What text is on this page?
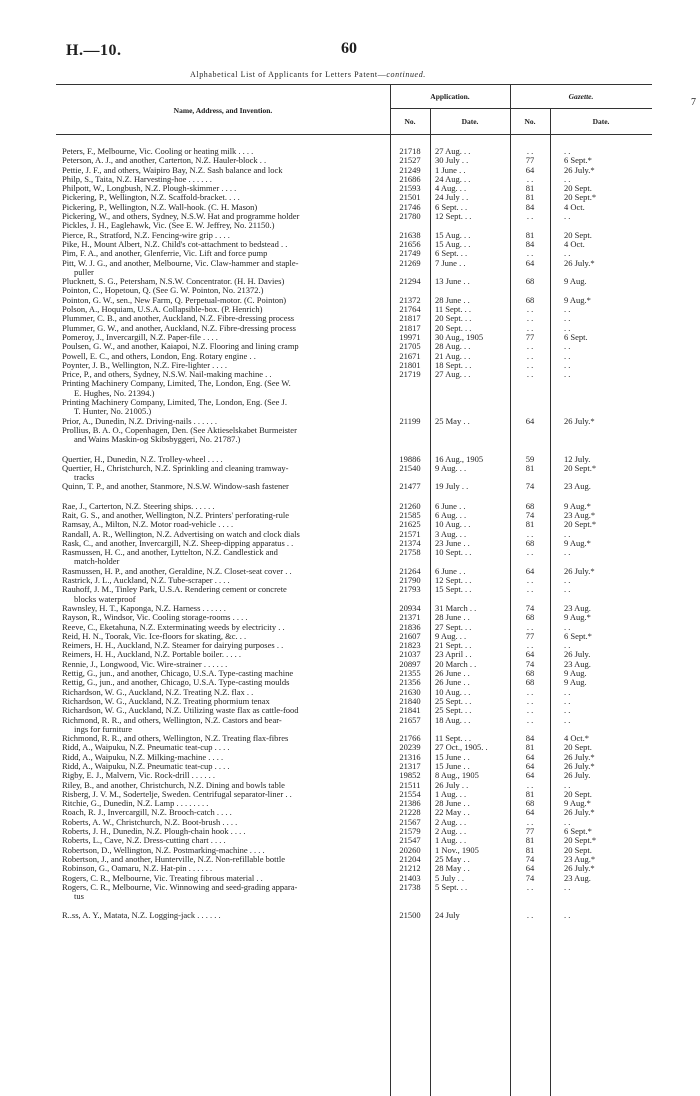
H.—10.	60
Alphabetical List of Applicants for Letters Patent—continued.
7
Name, Address, and Invention.
Application.	Gazette.
No.	Date.	No.	Date.
Peters, F., Melbourne, Vic. Cooling or heating milk . . . .	21718	27 Aug. . .	. .	. .
Peterson, A. J., and another, Carterton, N.Z. Hauler-block . .	21527	30 July . .	77	6 Sept.*
Pettie, J. F., and others, Waipiro Bay, N.Z. Sash balance and lock	21249	1 June . .	64	26 July.*
Philp, S., Taita, N.Z. Harvesting-hoe . . . . . .	21686	24 Aug. . .	. .	. .
Philpott, W., Longbush, N.Z. Plough-skimmer . . . .	21593	4 Aug. . .	81	20 Sept.
Pickering, P., Wellington, N.Z. Scaffold-bracket. . . .	21501	24 July . .	81	20 Sept.*
Pickering, P., Wellington, N.Z. Wall-hook. (C. H. Mason)	21746	6 Sept. . .	84	4 Oct.
Pickering, W., and others, Sydney, N.S.W. Hat and programme holder	21780	12 Sept. . .	. .	. .
Pickles, J. H., Eaglehawk, Vic. (See E. W. Jeffrey, No. 21150.)
Pierce, R., Stratford, N.Z. Fencing-wire grip . . . .	21638	15 Aug. . .	81	20 Sept.
Pike, H., Mount Albert, N.Z. Child's cot-attachment to bedstead . .	21656	15 Aug. . .	84	4 Oct.
Pim, F. A., and another, Glenferrie, Vic. Lift and force pump	21749	6 Sept. . .	. .	. .
Pitt, W. J. G., and another, Melbourne, Vic. Claw-hammer and staple-	21269	7 June . .	64	26 July.*
puller
Plucknett, S. G., Petersham, N.S.W. Concentrator. (H. H. Davies)	21294	13 June . .	68	9 Aug.
Pointon, C., Hopetoun, Q. (See G. W. Pointon, No. 21372.)
Pointon, G. W., sen., New Farm, Q. Perpetual-motor. (C. Pointon)	21372	28 June . .	68	9 Aug.*
Polson, A., Hoquiam, U.S.A. Collapsible-box. (P. Henrich)	21764	11 Sept. . .	. .	. .
Plummer, C. B., and another, Auckland, N.Z. Fibre-dressing process	21817	20 Sept. . .	. .	. .
Plummer, G. W., and another, Auckland, N.Z. Fibre-dressing process	21817	20 Sept. . .	. .	. .
Pomeroy, J., Invercargill, N.Z. Paper-file . . . .	19971	30 Aug., 1905	77	6 Sept.
Poulsen, G. W., and another, Kaiapoi, N.Z. Flooring and lining cramp	21705	28 Aug. . .	. .	. .
Powell, E. C., and others, London, Eng. Rotary engine . .	21671	21 Aug. . .	. .	. .
Poynter, J. B., Wellington, N.Z. Fire-lighter . . . .	21801	18 Sept. . .	. .	. .
Price, P., and others, Sydney, N.S.W. Nail-making machine . .	21719	27 Aug. . .	. .	. .
Printing Machinery Company, Limited, The, London, Eng. (See W.
E. Hughes, No. 21394.)
Printing Machinery Company, Limited, The, London, Eng. (See J.
T. Hunter, No. 21005.)
Prior, A., Dunedin, N.Z. Driving-nails . . . . . .	21199	25 May . .	64	26 July.*
Prollius, B. A. O., Copenhagen, Den. (See Aktieselskabet Burmeister
and Wains Maskin-og Skibsbyggeri, No. 21787.)
Quertier, H., Dunedin, N.Z. Trolley-wheel . . . .	19886	16 Aug., 1905	59	12 July.
Quertier, H., Christchurch, N.Z. Sprinkling and cleaning tramway-	21540	9 Aug. . .	81	20 Sept.*
tracks
Quinn, T. P., and another, Stanmore, N.S.W. Window-sash fastener	21477	19 July . .	74	23 Aug.
Rae, J., Carterton, N.Z. Steering ships. . . . . .	21260	6 June . .	68	9 Aug.*
Rait, G. S., and another, Wellington, N.Z. Printers' perforating-rule	21585	6 Aug. . .	74	23 Aug.*
Ramsay, A., Milton, N.Z. Motor road-vehicle . . . .	21625	10 Aug. . .	81	20 Sept.*
Randall, A. R., Wellington, N.Z. Advertising on watch and clock dials	21571	3 Aug. . .	. .	. .
Rask, C., and another, Invercargill, N.Z. Sheep-dipping apparatus . .	21374	23 June . .	68	9 Aug.*
Rasmussen, H. C., and another, Lyttelton, N.Z. Candlestick and	21758	10 Sept. . .	. .	. .
match-holder
Rasmussen, H. P., and another, Geraldine, N.Z. Closet-seat cover . .	21264	6 June . .	64	26 July.*
Rastrick, J. L., Auckland, N.Z. Tube-scraper . . . .	21790	12 Sept. . .	. .	. .
Rauhoff, J. M., Tinley Park, U.S.A. Rendering cement or concrete	21793	15 Sept. . .	. .	. .
blocks waterproof
Rawnsley, H. T., Kaponga, N.Z. Harness . . . . . .	20934	31 March . .	74	23 Aug.
Rayson, R., Windsor, Vic. Cooling storage-rooms . . . .	21371	28 June . .	68	9 Aug.*
Reeve, C., Eketahuna, N.Z. Exterminating weeds by electricity . .	21836	27 Sept. . .	. .	. .
Reid, H. N., Toorak, Vic. Ice-floors for skating, &c. . .	21607	9 Aug. . .	77	6 Sept.*
Reimers, H. H., Auckland, N.Z. Steamer for dairying purposes . .	21823	21 Sept. . .	. .	. .
Reimers, H. H., Auckland, N.Z. Portable boiler. . . . .	21037	23 April . .	64	26 July.
Rennie, J., Longwood, Vic. Wire-strainer . . . . . .	20897	20 March . .	74	23 Aug.
Rettig, G., jun., and another, Chicago, U.S.A. Type-casting machine	21355	26 June . .	68	9 Aug.
Rettig, G., jun., and another, Chicago, U.S.A. Type-casting moulds	21356	26 June . .	68	9 Aug.
Richardson, W. G., Auckland, N.Z. Treating N.Z. flax . .	21630	10 Aug. . .	. .	. .
Richardson, W. G., Auckland, N.Z. Treating phormium tenax	21840	25 Sept. . .	. .	. .
Richardson, W. G., Auckland, N.Z. Utilizing waste flax as cattle-food	21841	25 Sept. . .	. .	. .
Richmond, R. R., and others, Wellington, N.Z. Castors and bear-	21657	18 Aug. . .	. .	. .
ings for furniture
Richmond, R. R., and others, Wellington, N.Z. Treating flax-fibres	21766	11 Sept. . .	84	4 Oct.*
Ridd, A., Waipuku, N.Z. Pneumatic teat-cup . . . .	20239	27 Oct., 1905. .	81	20 Sept.
Ridd, A., Waipuku, N.Z. Milking-machine . . . .	21316	15 June . .	64	26 July.*
Ridd, A., Waipuku, N.Z. Pneumatic teat-cup . . . .	21317	15 June . .	64	26 July.*
Rigby, E. J., Malvern, Vic. Rock-drill . . . . . .	19852	8 Aug., 1905	64	26 July.
Riley, B., and another, Christchurch, N.Z. Dining and bowls table	21511	26 July . .	. .	. .
Risberg, J. V. M., Sodertelje, Sweden. Centrifugal separator-liner . .	21554	1 Aug. . .	81	20 Sept.
Ritchie, G., Dunedin, N.Z. Lamp . . . . . . . .	21386	28 June . .	68	9 Aug.*
Roach, R. J., Invercargill, N.Z. Brooch-catch . . . .	21228	22 May . .	64	26 July.*
Roberts, A. W., Christchurch, N.Z. Boot-brush . . . .	21567	2 Aug. . .	. .	. .
Roberts, J. H., Dunedin, N.Z. Plough-chain hook . . . .	21579	2 Aug. . .	77	6 Sept.*
Roberts, L., Cave, N.Z. Dress-cutting chart . . . .	21547	1 Aug. . .	81	20 Sept.*
Robertson, D., Wellington, N.Z. Postmarking-machine . . . .	20260	1 Nov., 1905	81	20 Sept.
Robertson, J., and another, Hunterville, N.Z. Non-refillable bottle	21204	25 May . .	74	23 Aug.*
Robinson, G., Oamaru, N.Z. Hat-pin . . . . . .	21212	28 May . .	64	26 July.*
Rogers, C. R., Melbourne, Vic. Treating fibrous material . .	21403	5 July . .	74	23 Aug.
Rogers, C. R., Melbourne, Vic. Winnowing and seed-grading appara-	21738	5 Sept. . .	. .	. .
tus
R..ss, A. Y., Matata, N.Z. Logging-jack . . . . . .	21500	24 July	. .	. .
